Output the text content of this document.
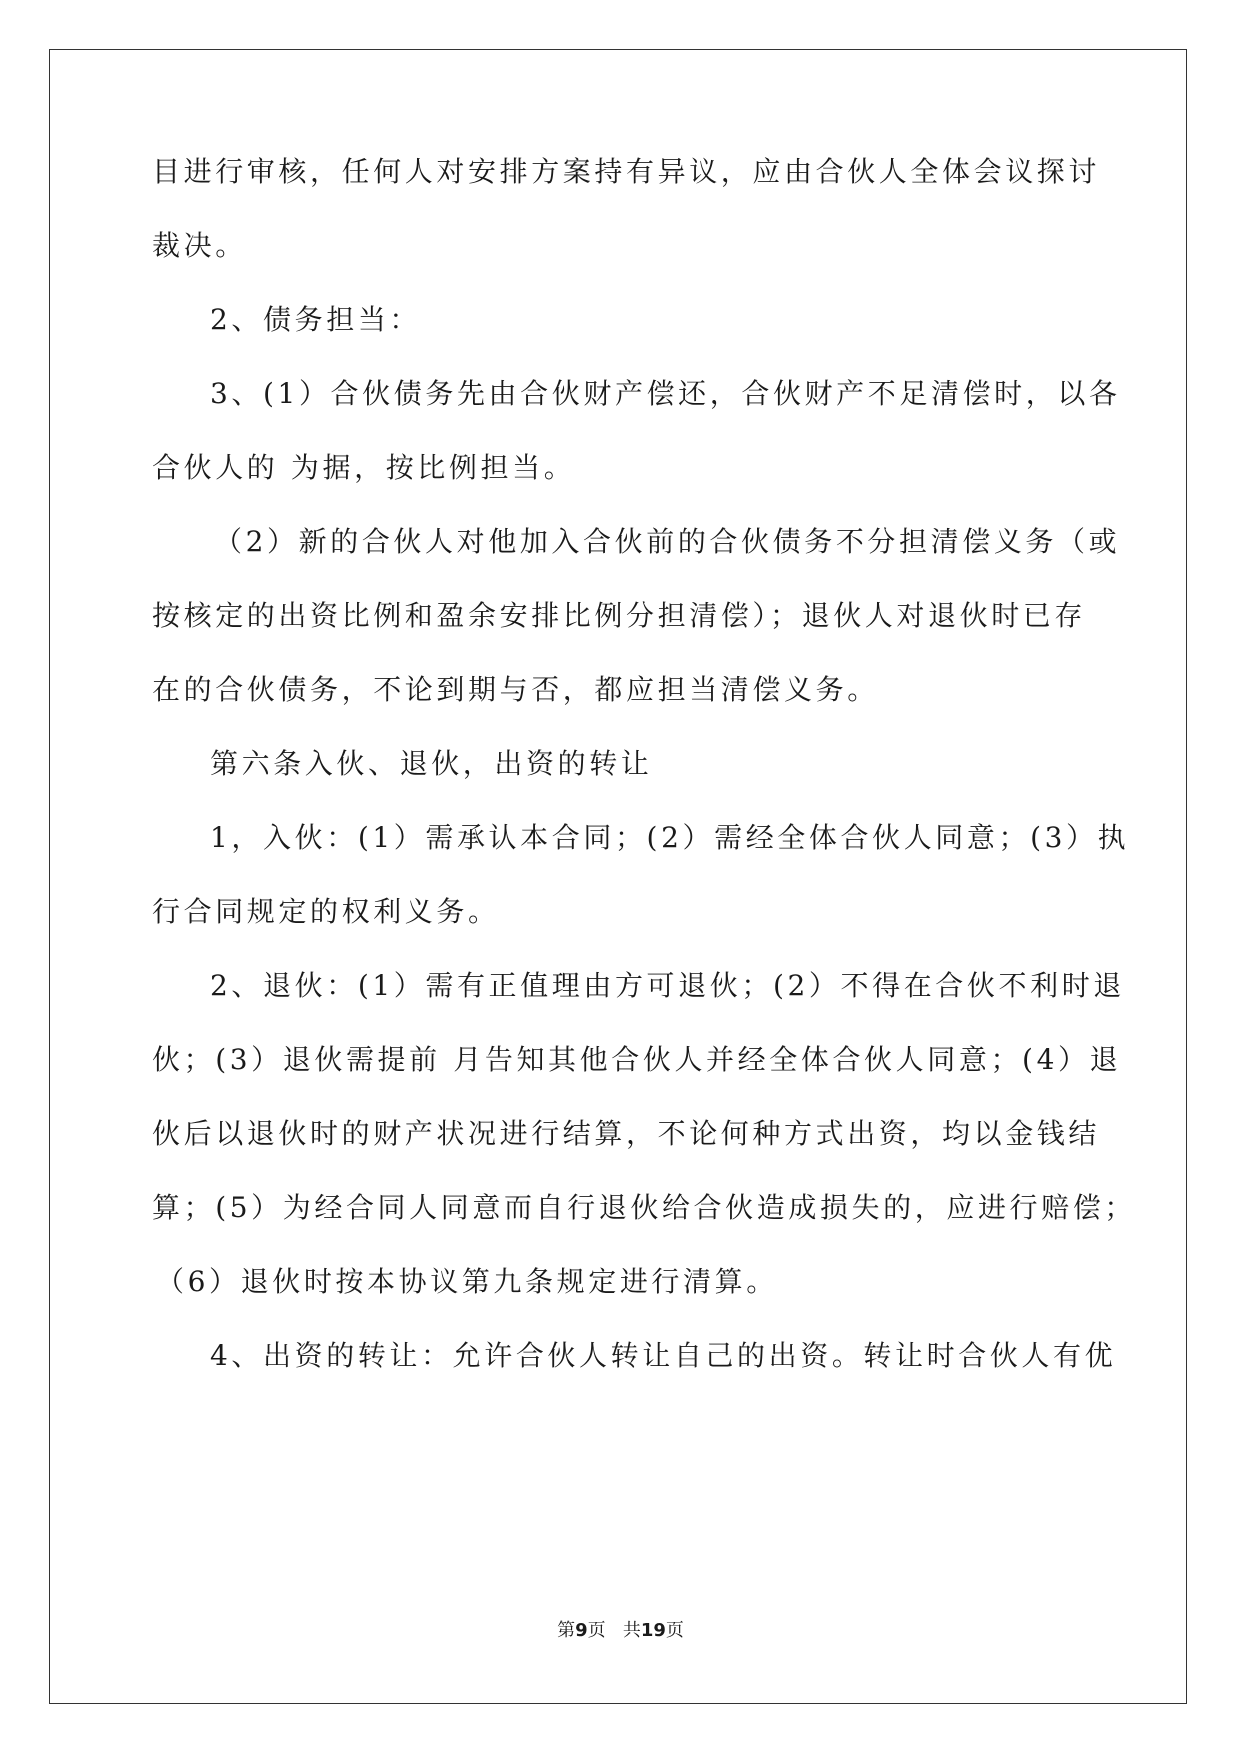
目进行审核，任何人对安排方案持有异议，应由合伙人全体会议探讨
裁决。
2、债务担当：
3、(1）合伙债务先由合伙财产偿还，合伙财产不足清偿时，以各
合伙人的 为据，按比例担当。
（2）新的合伙人对他加入合伙前的合伙债务不分担清偿义务（或
按核定的出资比例和盈余安排比例分担清偿）；退伙人对退伙时已存
在的合伙债务，不论到期与否，都应担当清偿义务。
第六条入伙、退伙，出资的转让
1，入伙：(1）需承认本合同；(2）需经全体合伙人同意；(3）执
行合同规定的权利义务。
2、退伙：(1）需有正值理由方可退伙；(2）不得在合伙不利时退
伙；(3）退伙需提前 月告知其他合伙人并经全体合伙人同意；(4）退
伙后以退伙时的财产状况进行结算，不论何种方式出资，均以金钱结
算；(5）为经合同人同意而自行退伙给合伙造成损失的，应进行赔偿；
（6）退伙时按本协议第九条规定进行清算。
4、出资的转让：允许合伙人转让自己的出资。转让时合伙人有优
第9页 共19页
